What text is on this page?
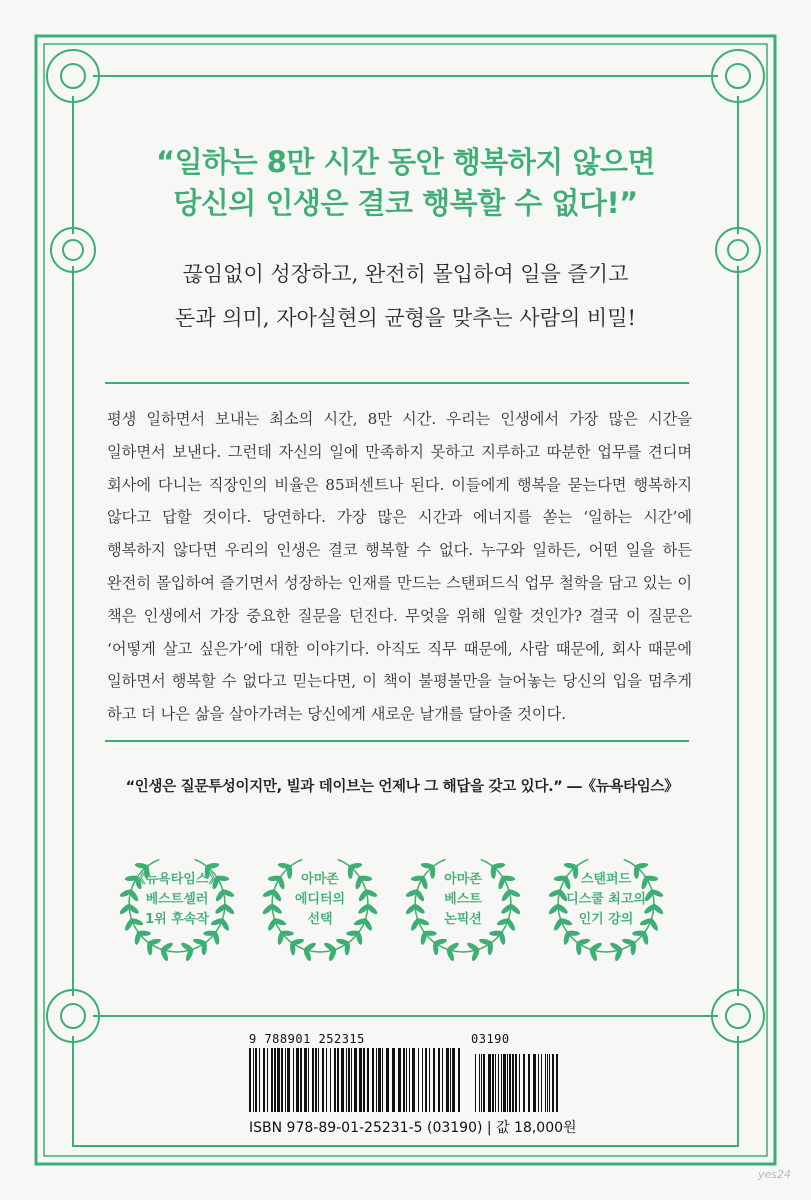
“일하는 8만 시간 동안 행복하지 않으면
당신의 인생은 결코 행복할 수 없다!”
끊임없이 성장하고, 완전히 몰입하여 일을 즐기고
돈과 의미, 자아실현의 균형을 맞추는 사람의 비밀!

평생 일하면서 보내는 최소의 시간, 8만 시간. 우리는 인생에서 가장 많은 시간을 일하면서 보낸다. 그런데 자신의 일에 만족하지 못하고 지루하고 따분한 업무를 견디며 회사에 다니는 직장인의 비율은 85퍼센트나 된다. 이들에게 행복을 묻는다면 행복하지 않다고 답할 것이다. 당연하다. 가장 많은 시간과 에너지를 쏟는 ‘일하는 시간’에 행복하지 않다면 우리의 인생은 결코 행복할 수 없다. 누구와 일하든, 어떤 일을 하든 완전히 몰입하여 즐기면서 성장하는 인재를 만드는 스탠퍼드식 업무 철학을 담고 있는 이 책은 인생에서 가장 중요한 질문을 던진다. 무엇을 위해 일할 것인가? 결국 이 질문은 ‘어떻게 살고 싶은가’에 대한 이야기다. 아직도 직무 때문에, 사람 때문에, 회사 때문에 일하면서 행복할 수 없다고 믿는다면, 이 책이 불평불만을 늘어놓는 당신의 입을 멈추게 하고 더 나은 삶을 살아가려는 당신에게 새로운 날개를 달아줄 것이다.

“인생은 질문투성이지만, 빌과 데이브는 언제나 그 해답을 갖고 있다.” ―《뉴욕타임스》
《뉴욕타임스》
베스트셀러
1위 후속작
아마존
에디터의
선택
아마존
베스트
논픽션
스탠퍼드
디스쿨 최고의
인기 강의
9 788901 252315	03190
ISBN 978-89-01-25231-5 (03190) | 값 18,000원
yes24
